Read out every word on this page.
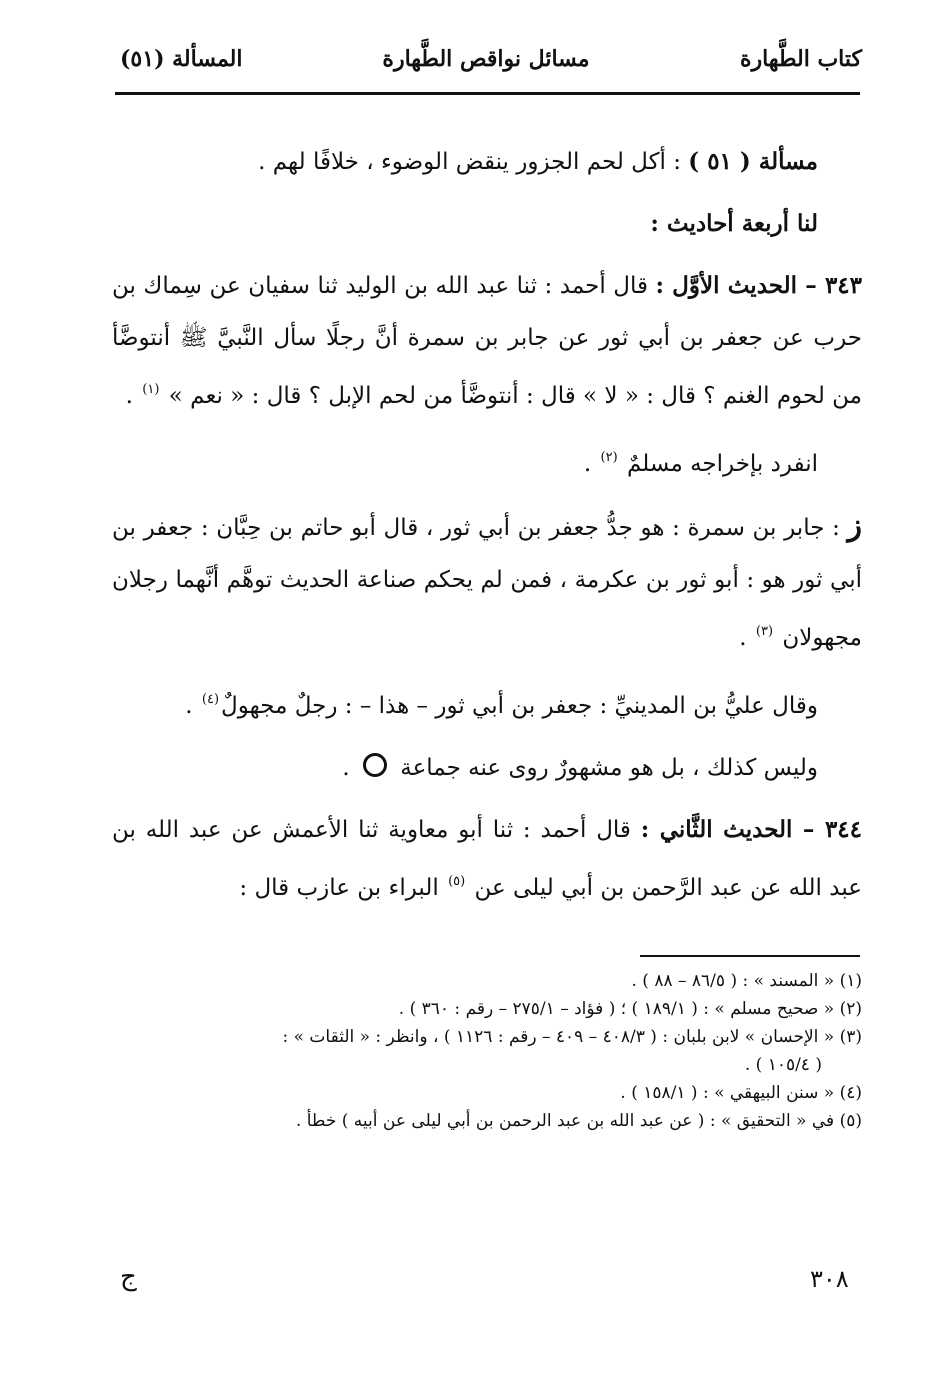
كتاب الطَّهارة
مسائل نواقص الطَّهارة
المسألة (٥١)

مسألة ( ٥١ ) : أكل لحم الجزور ينقض الوضوء ، خلافًا لهم .

لنا أربعة أحاديث :

٣٤٣ – الحديث الأوَّل : قال أحمد : ثنا عبد الله بن الوليد ثنا سفيان عن سِماك بن حرب عن جعفر بن أبي ثور عن جابر بن سمرة أنَّ رجلًا سأل النَّبيَّ ﷺ أنتوضَّأ من لحوم الغنم ؟ قال : « لا » قال : أنتوضَّأ من لحم الإبل ؟ قال : « نعم » $^{(١)}$ .

انفرد بإخراجه مسلمٌ $^{(٢)}$ .

ز : جابر بن سمرة : هو جدُّ جعفر بن أبي ثور ، قال أبو حاتم بن حِبَّان : جعفر بن أبي ثور هو : أبو ثور بن عكرمة ، فمن لم يحكم صناعة الحديث توهَّم أنَّهما رجلان مجهولان $^{(٣)}$ .

وقال عليُّ بن المدينيِّ : جعفر بن أبي ثور – هذا – : رجلٌ مجهولٌ$^{(٤)}$ .

وليس كذلك ، بل هو مشهورٌ روى عنه جماعة  .

٣٤٤ – الحديث الثَّاني : قال أحمد : ثنا أبو معاوية ثنا الأعمش عن عبد الله بن عبد الله عن عبد الرَّحمن بن أبي ليلى عن $^{(٥)}$ البراء بن عازب قال :

(١) « المسند » : ( ٨٦/٥ – ٨٨ ) .

(٢) « صحيح مسلم » : ( ١٨٩/١ ) ؛ ( فؤاد – ٢٧٥/١ – رقم : ٣٦٠ ) .

(٣) « الإحسان » لابن بلبان : ( ٤٠٨/٣ – ٤٠٩ – رقم : ١١٢٦ ) ، وانظر : « الثقات » :

( ١٠٥/٤ ) .

(٤) « سنن البيهقي » : ( ١٥٨/١ ) .

(٥) في « التحقيق » : ( عن عبد الله بن عبد الرحمن بن أبي ليلى عن أبيه ) خطأ .

٣٠٨
ج
